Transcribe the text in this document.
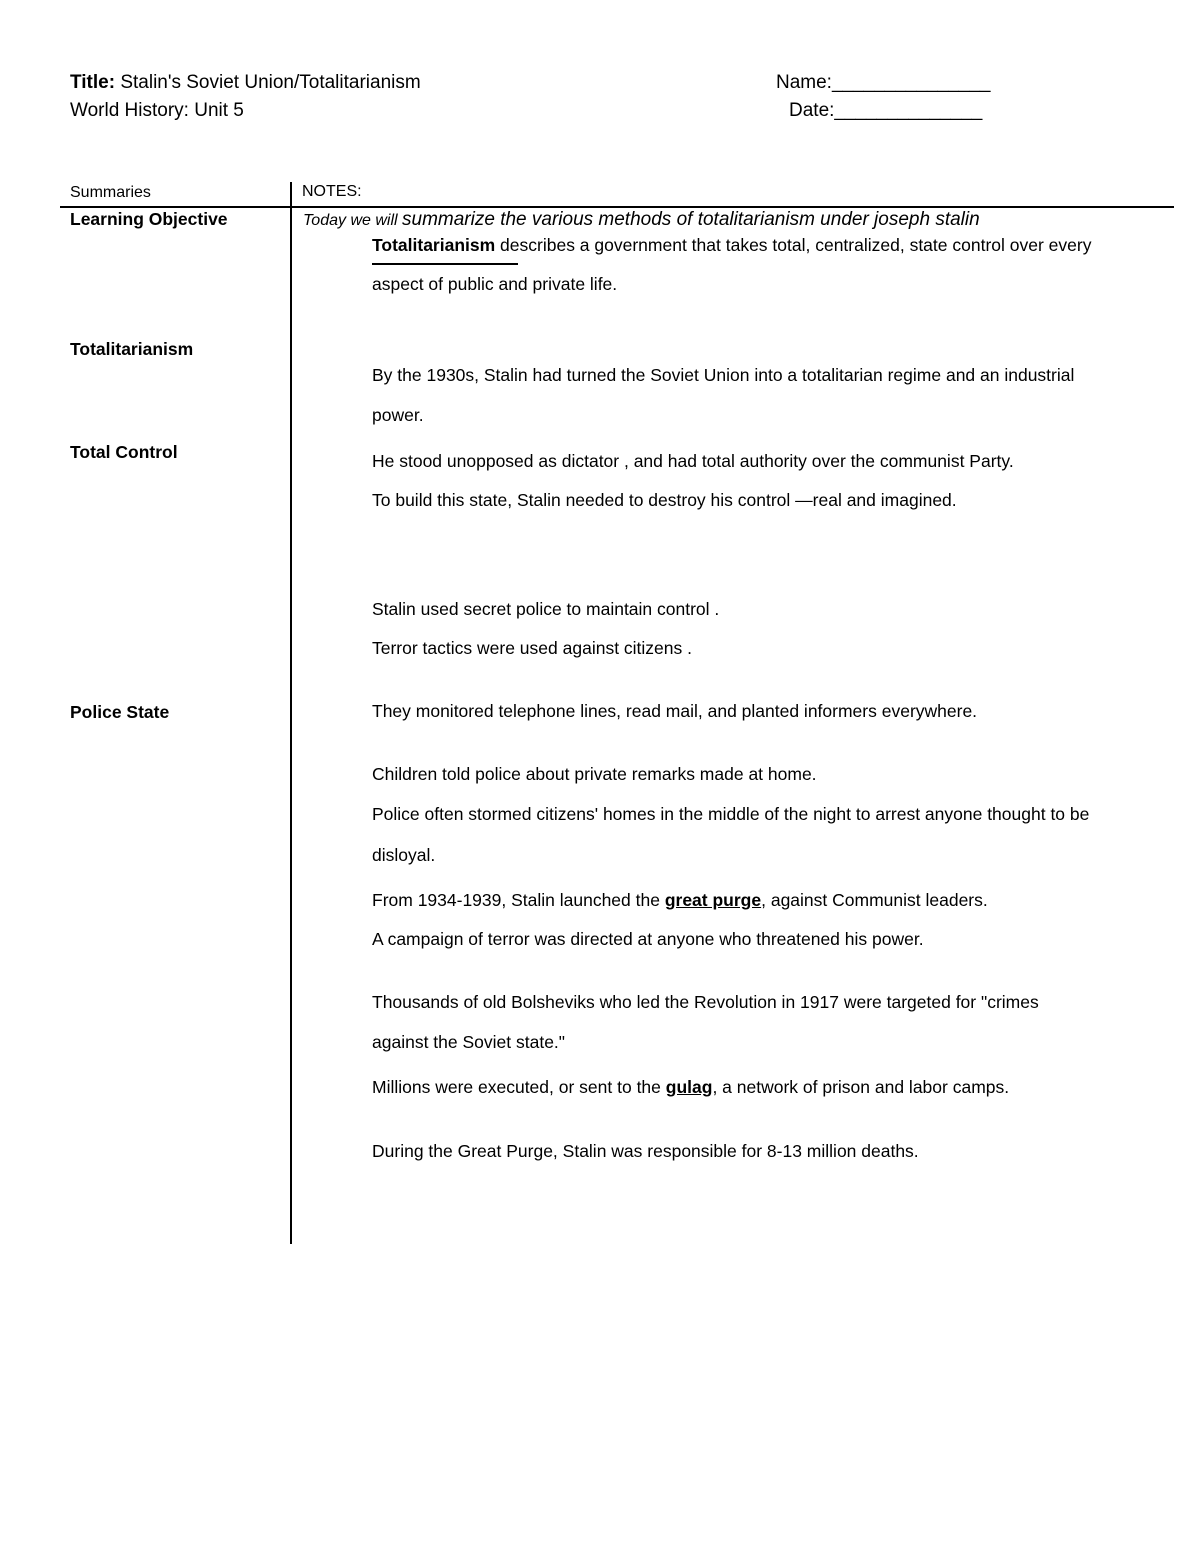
Title: Stalin's Soviet Union/Totalitarianism
World History: Unit 5
Name:_______________
Date:______________
Summaries	NOTES:
Learning Objective
Totalitarianism
Total Control
Police State
Today we will summarize the various methods of totalitarianism under joseph stalin
Totalitarianism describes a government that takes total, centralized, state control over every
aspect of public and private life.
By the 1930s, Stalin had turned the Soviet Union into a totalitarian regime and an industrial
power.
He stood unopposed as dictator , and had total authority over the communist Party.
To build this state, Stalin needed to destroy his control —real and imagined.
Stalin used secret police to maintain control .
Terror tactics were used against citizens .
They monitored telephone lines, read mail, and planted informers everywhere.
Children told police about private remarks made at home.
Police often stormed citizens' homes in the middle of the night to arrest anyone thought to be
disloyal.
From 1934-1939, Stalin launched the great purge, against Communist leaders.
A campaign of terror was directed at anyone who threatened his power.
Thousands of old Bolsheviks who led the Revolution in 1917 were targeted for "crimes
against the Soviet state."
Millions were executed, or sent to the gulag, a network of prison and labor camps.
During the Great Purge, Stalin was responsible for 8-13 million deaths.
